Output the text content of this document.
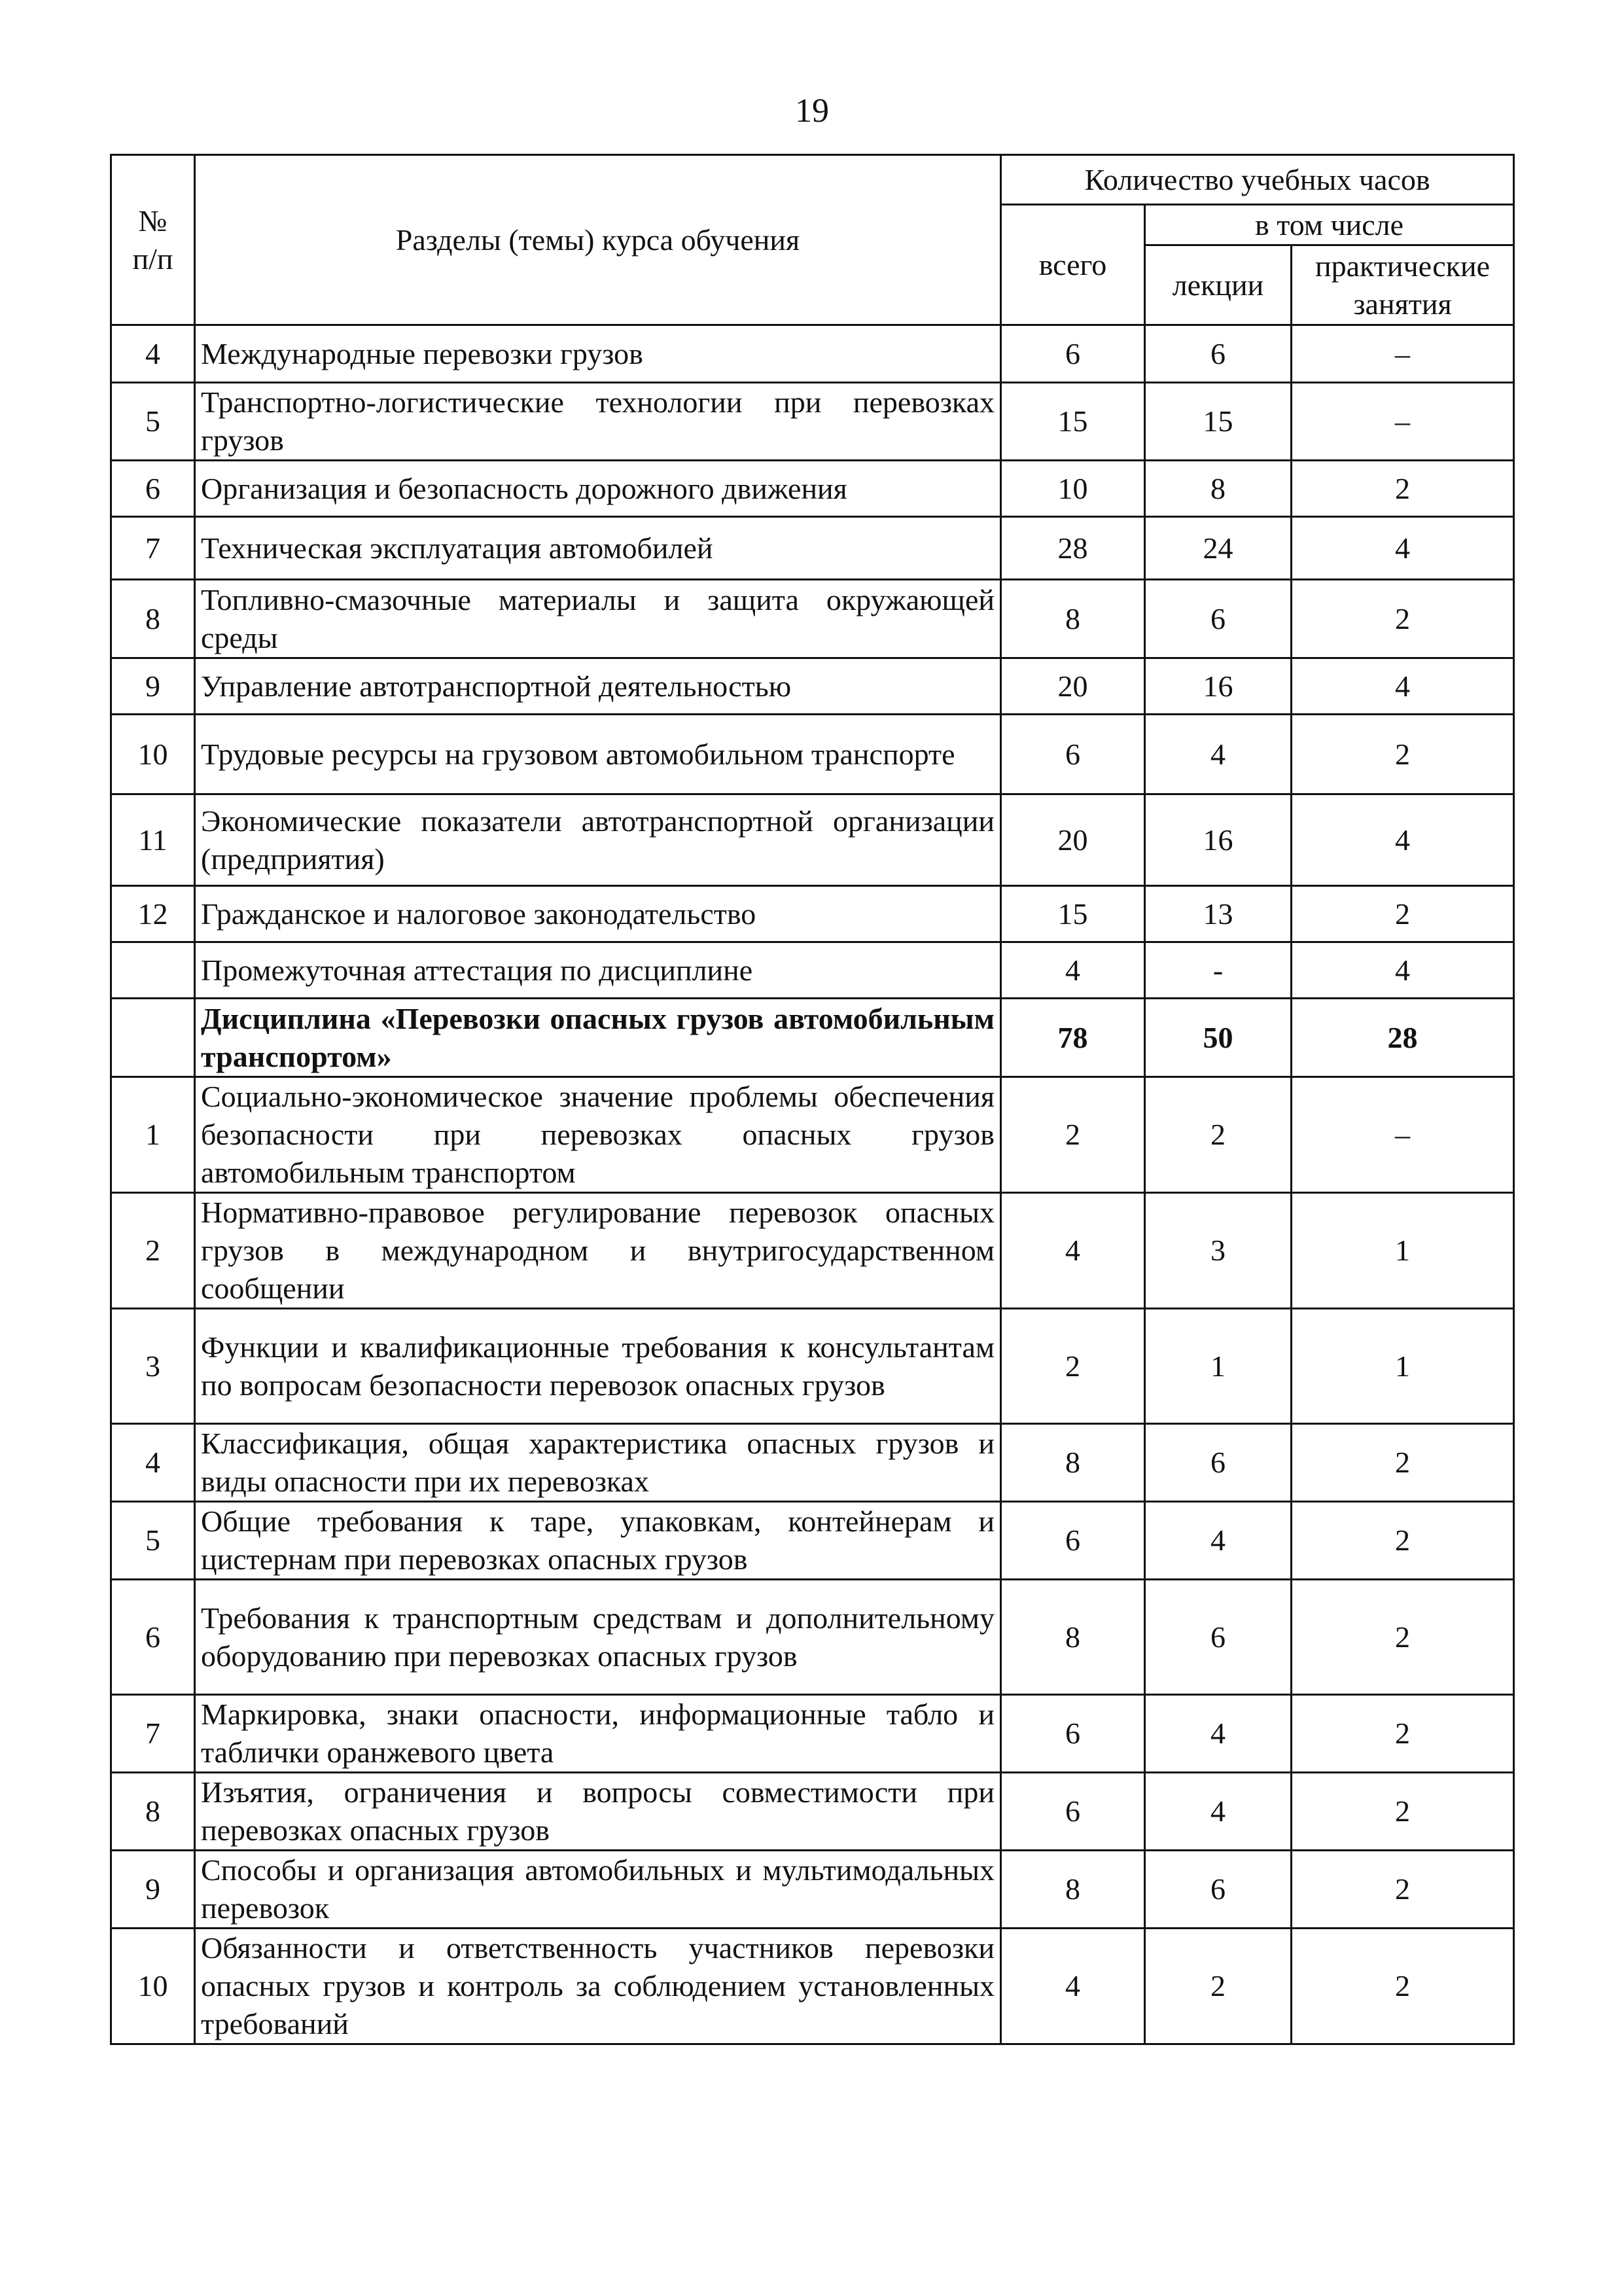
19
№
п/п	Разделы (темы) курса обучения	Количество учебных часов		
		всего	в том числе	
			лекции	практические занятия
4	Международные перевозки грузов	6	6	–
5	Транспортно-логистические технологии при перевозках грузов	15	15	–
6	Организация и безопасность дорожного движения	10	8	2
7	Техническая эксплуатация автомобилей	28	24	4
8	Топливно-смазочные материалы и защита окружающей среды	8	6	2
9	Управление автотранспортной деятельностью	20	16	4
10	Трудовые ресурсы на грузовом автомобильном транспорте	6	4	2
11	Экономические показатели автотранспортной организации (предприятия)	20	16	4
12	Гражданское и налоговое законодательство	15	13	2
	Промежуточная аттестация по дисциплине	4	-	4
	Дисциплина «Перевозки опасных грузов автомобильным транспортом»	78	50	28
1	Социально-экономическое значение проблемы обеспечения безопасности при перевозках опасных грузов автомобильным транспортом	2	2	–
2	Нормативно-правовое регулирование перевозок опасных грузов в международном и внутригосударственном сообщении	4	3	1
3	Функции и квалификационные требования к консультантам по вопросам безопасности перевозок опасных грузов	2	1	1
4	Классификация, общая характеристика опасных грузов и виды опасности при их перевозках	8	6	2
5	Общие требования к таре, упаковкам, контейнерам и цистернам при перевозках опасных грузов	6	4	2
6	Требования к транспортным средствам и дополнительному оборудованию при перевозках опасных грузов	8	6	2
7	Маркировка, знаки опасности, информационные табло и таблички оранжевого цвета	6	4	2
8	Изъятия, ограничения и вопросы совместимости при перевозках опасных грузов	6	4	2
9	Способы и организация автомобильных и мультимодальных перевозок	8	6	2
10	Обязанности и ответственность участников перевозки опасных грузов и контроль за соблюдением установленных требований	4	2	2
